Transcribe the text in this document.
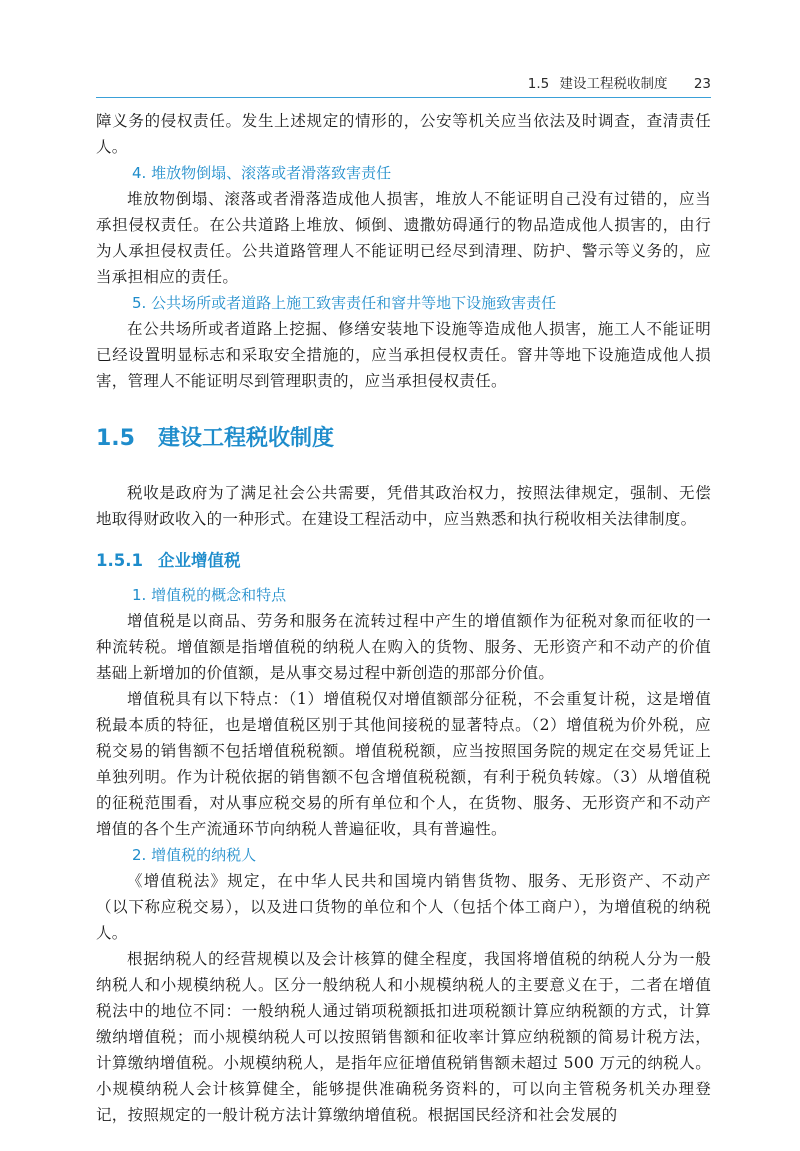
1.5 建设工程税收制度 23

障义务的侵权责任。发生上述规定的情形的，公安等机关应当依法及时调查，查清责任人。

4. 堆放物倒塌、滚落或者滑落致害责任

堆放物倒塌、滚落或者滑落造成他人损害，堆放人不能证明自己没有过错的，应当承担侵权责任。在公共道路上堆放、倾倒、遗撒妨碍通行的物品造成他人损害的，由行为人承担侵权责任。公共道路管理人不能证明已经尽到清理、防护、警示等义务的，应当承担相应的责任。

5. 公共场所或者道路上施工致害责任和窨井等地下设施致害责任

在公共场所或者道路上挖掘、修缮安装地下设施等造成他人损害，施工人不能证明已经设置明显标志和采取安全措施的，应当承担侵权责任。窨井等地下设施造成他人损害，管理人不能证明尽到管理职责的，应当承担侵权责任。

1.5 建设工程税收制度

税收是政府为了满足社会公共需要，凭借其政治权力，按照法律规定，强制、无偿地取得财政收入的一种形式。在建设工程活动中，应当熟悉和执行税收相关法律制度。

1.5.1 企业增值税
1. 增值税的概念和特点

增值税是以商品、劳务和服务在流转过程中产生的增值额作为征税对象而征收的一种流转税。增值额是指增值税的纳税人在购入的货物、服务、无形资产和不动产的价值基础上新增加的价值额，是从事交易过程中新创造的那部分价值。

增值税具有以下特点：（1）增值税仅对增值额部分征税，不会重复计税，这是增值税最本质的特征，也是增值税区别于其他间接税的显著特点。（2）增值税为价外税，应税交易的销售额不包括增值税税额。增值税税额，应当按照国务院的规定在交易凭证上单独列明。作为计税依据的销售额不包含增值税税额，有利于税负转嫁。（3）从增值税的征税范围看，对从事应税交易的所有单位和个人，在货物、服务、无形资产和不动产增值的各个生产流通环节向纳税人普遍征收，具有普遍性。

2. 增值税的纳税人

《增值税法》规定，在中华人民共和国境内销售货物、服务、无形资产、不动产（以下称应税交易），以及进口货物的单位和个人（包括个体工商户），为增值税的纳税人。

根据纳税人的经营规模以及会计核算的健全程度，我国将增值税的纳税人分为一般纳税人和小规模纳税人。区分一般纳税人和小规模纳税人的主要意义在于，二者在增值税法中的地位不同：一般纳税人通过销项税额抵扣进项税额计算应纳税额的方式，计算缴纳增值税；而小规模纳税人可以按照销售额和征收率计算应纳税额的简易计税方法，计算缴纳增值税。小规模纳税人，是指年应征增值税销售额未超过 500 万元的纳税人。小规模纳税人会计核算健全，能够提供准确税务资料的，可以向主管税务机关办理登记，按照规定的一般计税方法计算缴纳增值税。根据国民经济和社会发展的
